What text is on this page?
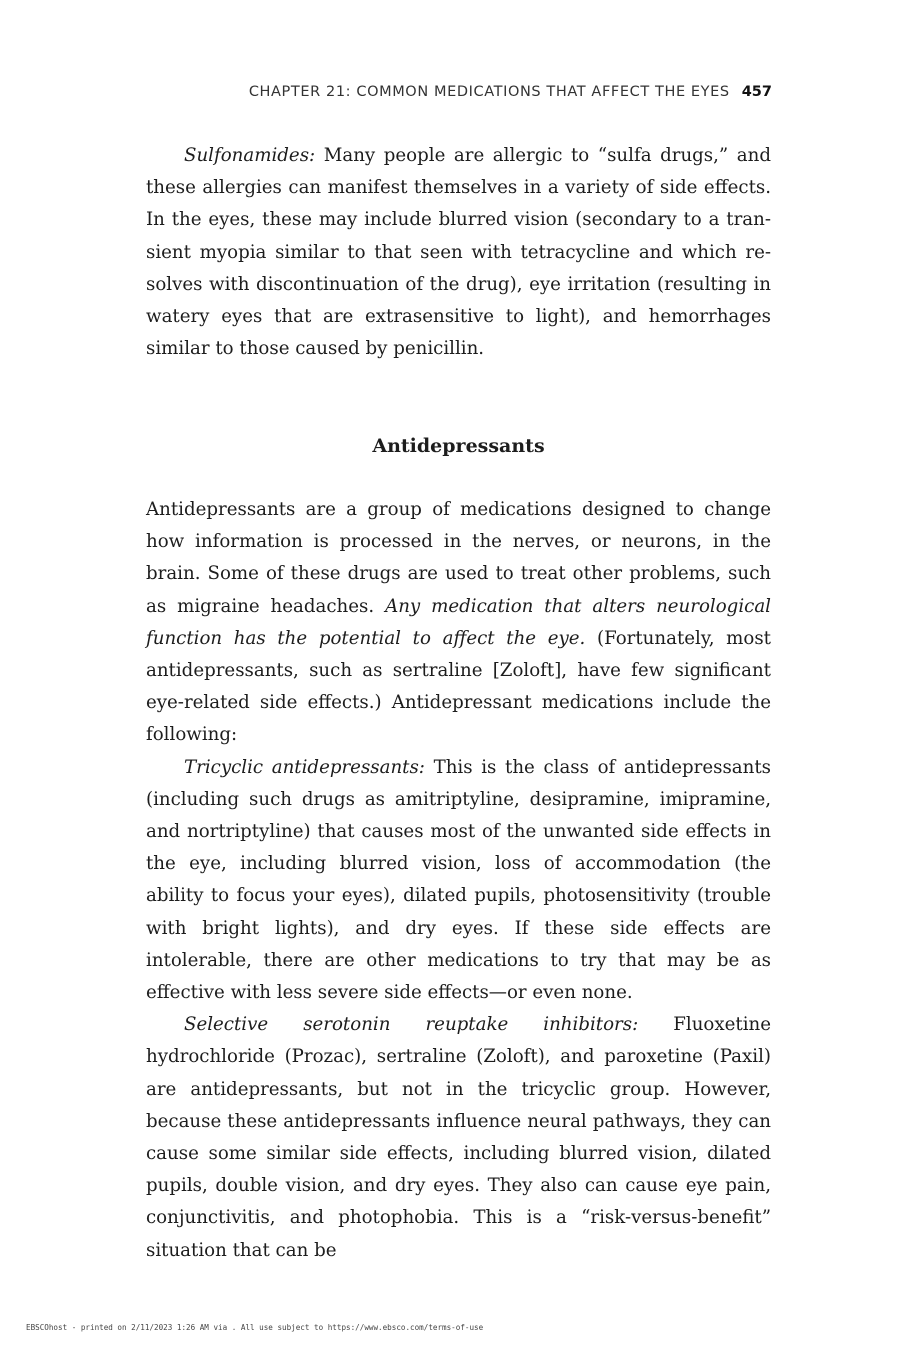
CHAPTER 21: COMMON MEDICATIONS THAT AFFECT THE EYES 457

Sulfonamides: Many people are allergic to “sulfa drugs,” and these allergies can manifest themselves in a variety of side effects. In the eyes, these may include blurred vision (secondary to a transient myopia similar to that seen with tetracycline and which resolves with discontinuation of the drug), eye irritation (resulting in watery eyes that are extrasensitive to light), and hemorrhages similar to those caused by penicillin.

Antidepressants

Antidepressants are a group of medications designed to change how information is processed in the nerves, or neurons, in the brain. Some of these drugs are used to treat other problems, such as migraine headaches. Any medication that alters neurological function has the potential to affect the eye. (Fortunately, most antidepressants, such as sertraline [Zoloft], have few significant eye-related side effects.) Antidepressant medications include the following:

Tricyclic antidepressants: This is the class of antidepressants (including such drugs as amitriptyline, desipramine, imipramine, and nortriptyline) that causes most of the unwanted side effects in the eye, including blurred vision, loss of accommodation (the ability to focus your eyes), dilated pupils, photosensitivity (trouble with bright lights), and dry eyes. If these side effects are intolerable, there are other medications to try that may be as effective with less severe side effects—or even none.

Selective serotonin reuptake inhibitors: Fluoxetine hydrochloride (Prozac), sertraline (Zoloft), and paroxetine (Paxil) are antidepressants, but not in the tricyclic group. However, because these antidepressants influence neural pathways, they can cause some similar side effects, including blurred vision, dilated pupils, double vision, and dry eyes. They also can cause eye pain, conjunctivitis, and photophobia. This is a “risk-versus-benefit” situation that can be

EBSCOhost - printed on 2/11/2023 1:26 AM via . All use subject to https://www.ebsco.com/terms-of-use
